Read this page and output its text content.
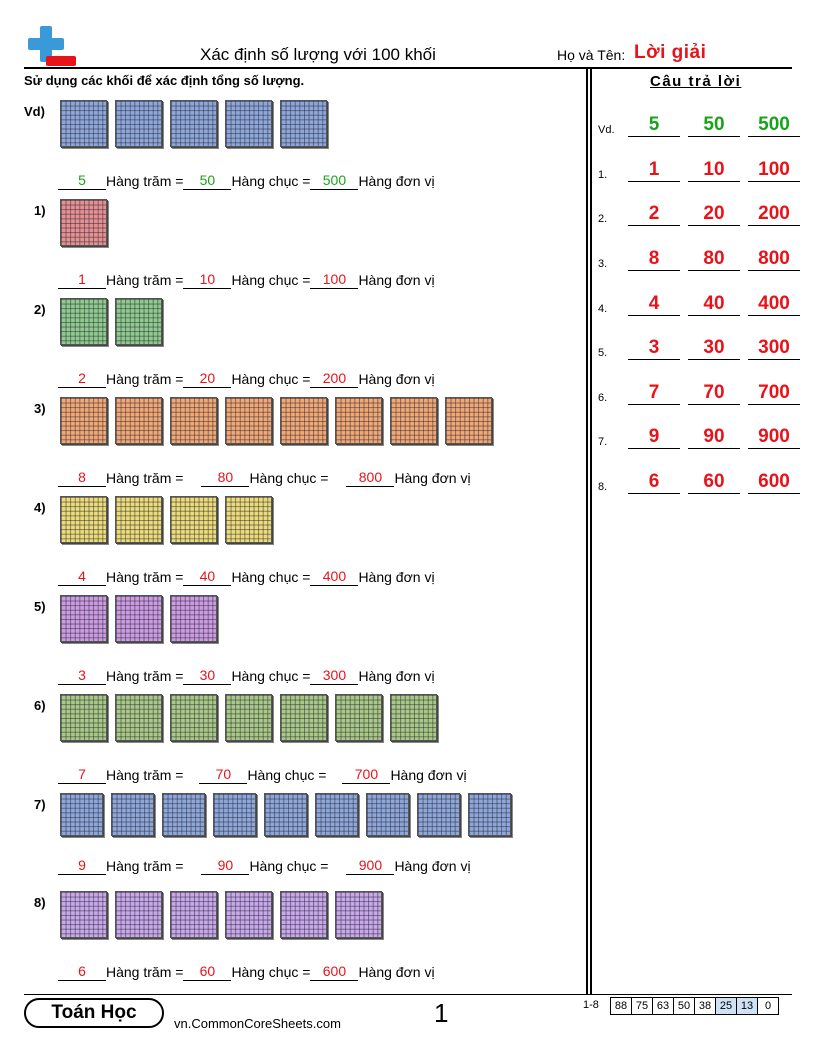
Xác định số lượng với 100 khối	Họ và Tên: Lời giải
Sử dụng các khối để xác định tổng số lượng.
Vd)
5	Hàng trăm =	50	Hàng chục = 500 Hàng đơn vị
1)
1	Hàng trăm =	10	Hàng chục = 100 Hàng đơn vị
2)
2	Hàng trăm =	20	Hàng chục = 200 Hàng đơn vị
3)
8	Hàng trăm =	80	Hàng chục =	800 Hàng đơn vị
4)
4	Hàng trăm =	40	Hàng chục = 400 Hàng đơn vị
5)
3	Hàng trăm =	30	Hàng chục = 300 Hàng đơn vị
6)
7	Hàng trăm =	70	Hàng chục =	700 Hàng đơn vị
7)
9	Hàng trăm =	90	Hàng chục =	900 Hàng đơn vị
8)
6	Hàng trăm =	60	Hàng chục = 600 Hàng đơn vị
Câu trả lời
Vd.	5	50	500
1.	1	10	100
2.	2	20	200
3.	8	80	800
4.	4	40	400
5.	3	30	300
6.	7	70	700
7.	9	90	900
8.	6	60	600
Toán Học
vn.CommonCoreSheets.com	1	1-8	88 75 63 50 38 25 13	0
